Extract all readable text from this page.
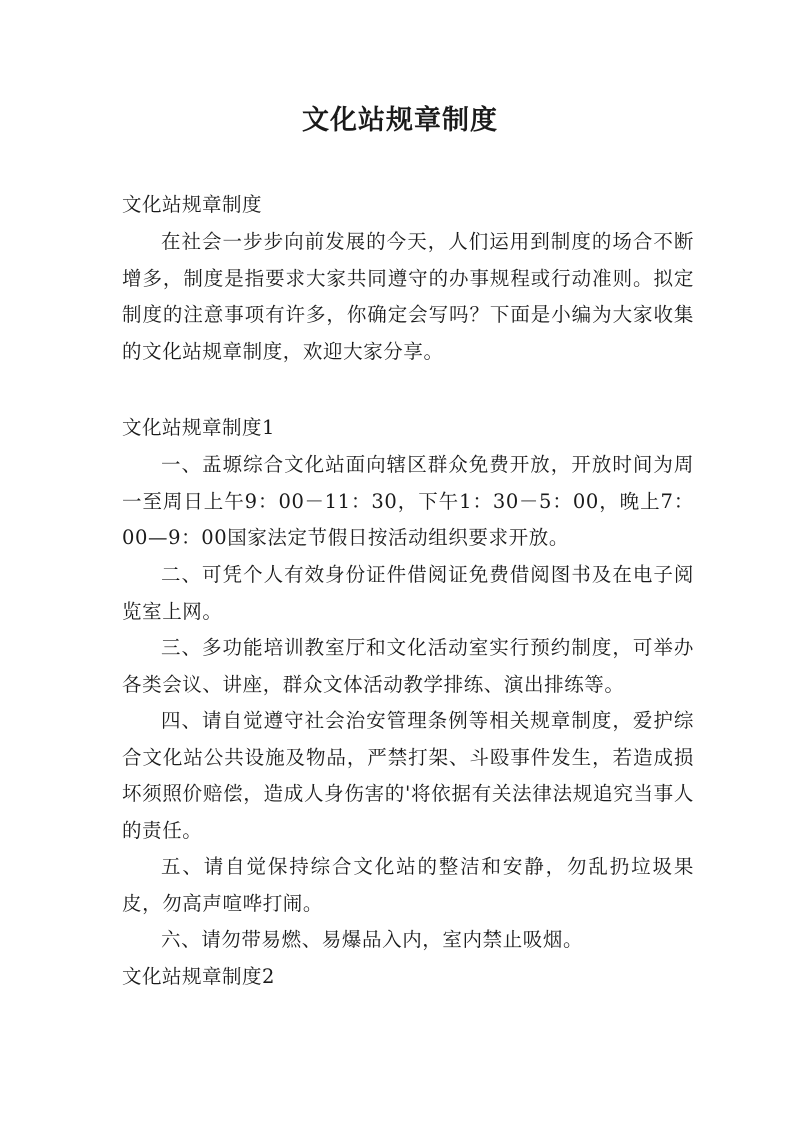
文化站规章制度
文化站规章制度
在社会一步步向前发展的今天，人们运用到制度的场合不断增多，制度是指要求大家共同遵守的办事规程或行动准则。拟定制度的注意事项有许多，你确定会写吗？下面是小编为大家收集的文化站规章制度，欢迎大家分享。
文化站规章制度1
一、盂塬综合文化站面向辖区群众免费开放，开放时间为周一至周日上午9：00－11：30，下午1：30－5：00，晚上7：00—9：00国家法定节假日按活动组织要求开放。
二、可凭个人有效身份证件借阅证免费借阅图书及在电子阅览室上网。
三、多功能培训教室厅和文化活动室实行预约制度，可举办各类会议、讲座，群众文体活动教学排练、演出排练等。
四、请自觉遵守社会治安管理条例等相关规章制度，爱护综合文化站公共设施及物品，严禁打架、斗殴事件发生，若造成损坏须照价赔偿，造成人身伤害的'将依据有关法律法规追究当事人的责任。
五、请自觉保持综合文化站的整洁和安静，勿乱扔垃圾果皮，勿高声喧哗打闹。
六、请勿带易燃、易爆品入内，室内禁止吸烟。
文化站规章制度2
